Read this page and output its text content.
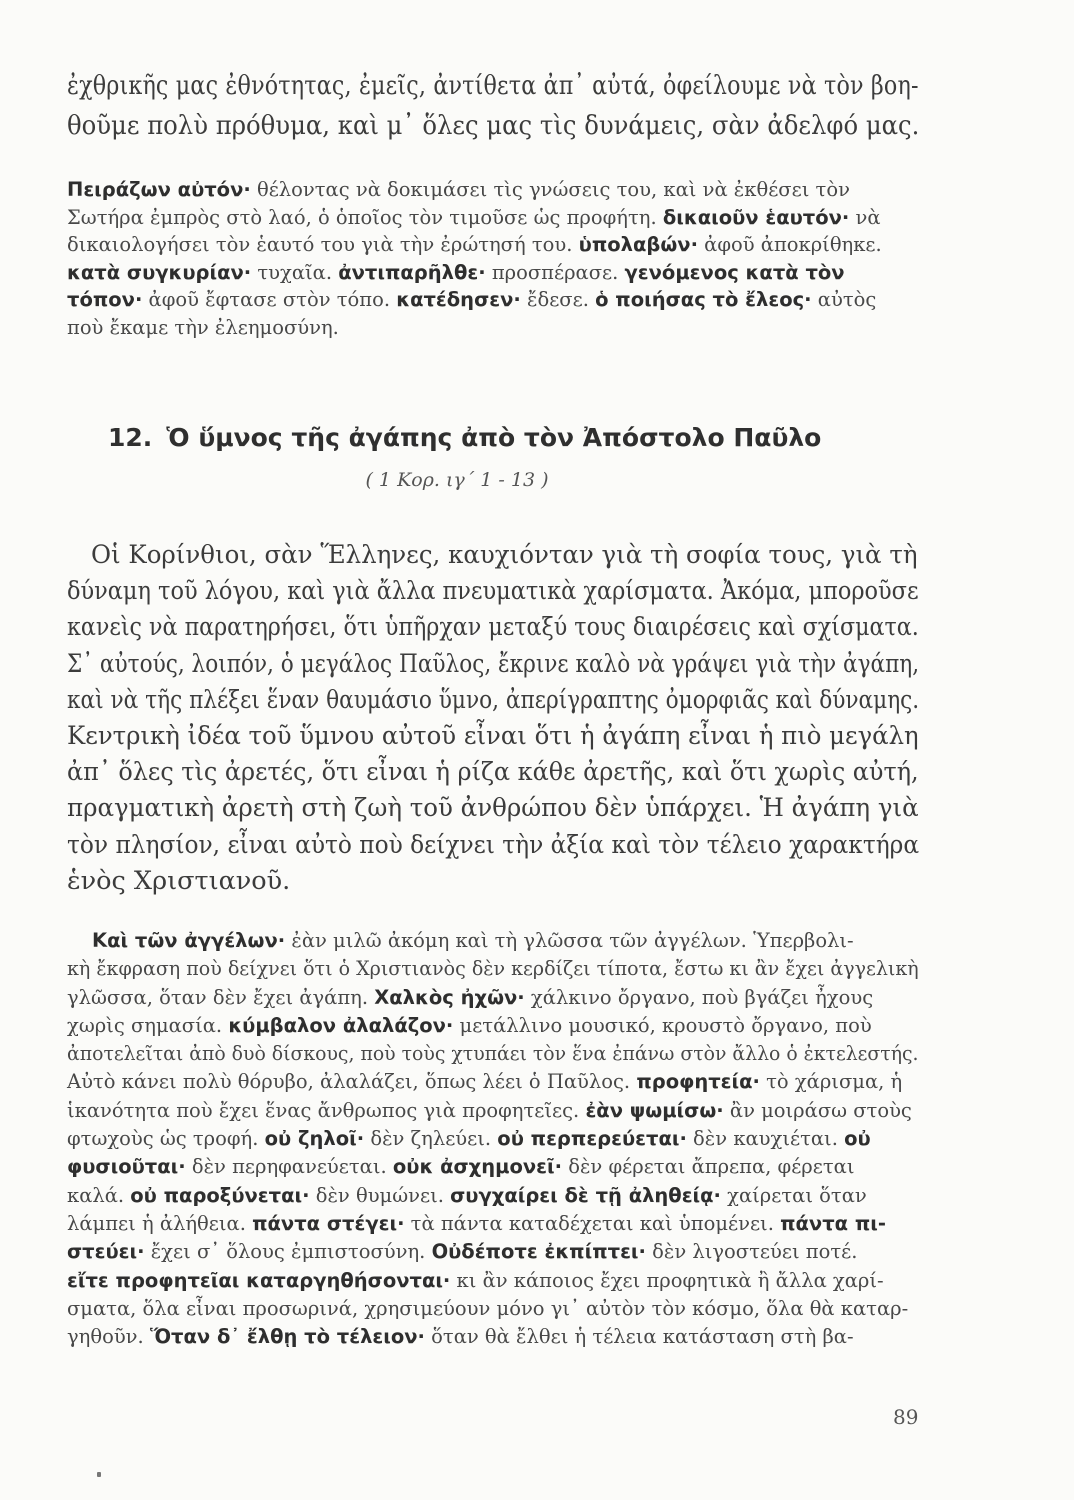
ἐχθρικῆς μας ἐθνότητας, ἐμεῖς, ἀντίθετα ἀπ᾿ αὐτά, ὀφείλουμε νὰ τὸν βοη-
θοῦμε πολὺ πρόθυμα, καὶ μ᾿ ὅλες μας τὶς δυνάμεις, σὰν ἀδελφό μας.
Πειράζων αὐτόν· θέλοντας νὰ δοκιμάσει τὶς γνώσεις του, καὶ νὰ ἐκθέσει τὸν
Σωτήρα ἐμπρὸς στὸ λαό, ὁ ὁποῖος τὸν τιμοῦσε ὡς προφήτη. δικαιοῦν ἑαυτόν· νὰ
δικαιολογήσει τὸν ἑαυτό του γιὰ τὴν ἐρώτησή του. ὑπολαβών· ἀφοῦ ἀποκρίθηκε.
κατὰ συγκυρίαν· τυχαῖα. ἀντιπαρῆλθε· προσπέρασε. γενόμενος κατὰ τὸν
τόπον· ἀφοῦ ἔφτασε στὸν τόπο. κατέδησεν· ἔδεσε. ὁ ποιήσας τὸ ἔλεος· αὐτὸς
ποὺ ἔκαμε τὴν ἐλεημοσύνη.
12. Ὁ ὕμνος τῆς ἀγάπης ἀπὸ τὸν Ἀπόστολο Παῦλο
( 1 Κορ. ιγ΄ 1 - 13 )
Οἱ Κορίνθιοι, σὰν Ἕλληνες, καυχιόνταν γιὰ τὴ σοφία τους, γιὰ τὴ
δύναμη τοῦ λόγου, καὶ γιὰ ἄλλα πνευματικὰ χαρίσματα. Ἀκόμα, μποροῦσε
κανεὶς νὰ παρατηρήσει, ὅτι ὑπῆρχαν μεταξύ τους διαιρέσεις καὶ σχίσματα.
Σ᾿ αὐτούς, λοιπόν, ὁ μεγάλος Παῦλος, ἔκρινε καλὸ νὰ γράψει γιὰ τὴν ἀγάπη,
καὶ νὰ τῆς πλέξει ἕναν θαυμάσιο ὕμνο, ἀπερίγραπτης ὀμορφιᾶς καὶ δύναμης.
Κεντρικὴ ἰδέα τοῦ ὕμνου αὐτοῦ εἶναι ὅτι ἡ ἀγάπη εἶναι ἡ πιὸ μεγάλη
ἀπ᾿ ὅλες τὶς ἀρετές, ὅτι εἶναι ἡ ρίζα κάθε ἀρετῆς, καὶ ὅτι χωρὶς αὐτή,
πραγματικὴ ἀρετὴ στὴ ζωὴ τοῦ ἀνθρώπου δὲν ὑπάρχει. Ἡ ἀγάπη γιὰ
τὸν πλησίον, εἶναι αὐτὸ ποὺ δείχνει τὴν ἀξία καὶ τὸν τέλειο χαρακτήρα
ἑνὸς Χριστιανοῦ.
Καὶ τῶν ἀγγέλων· ἐὰν μιλῶ ἀκόμη καὶ τὴ γλῶσσα τῶν ἀγγέλων. Ὑπερβολι-
κὴ ἔκφραση ποὺ δείχνει ὅτι ὁ Χριστιανὸς δὲν κερδίζει τίποτα, ἔστω κι ἂν ἔχει ἀγγελικὴ
γλῶσσα, ὅταν δὲν ἔχει ἀγάπη. Χαλκὸς ἠχῶν· χάλκινο ὄργανο, ποὺ βγάζει ἦχους
χωρὶς σημασία. κύμβαλον ἀλαλάζον· μετάλλινο μουσικό, κρουστὸ ὄργανο, ποὺ
ἀποτελεῖται ἀπὸ δυὸ δίσκους, ποὺ τοὺς χτυπάει τὸν ἕνα ἐπάνω στὸν ἄλλο ὁ ἐκτελεστής.
Αὐτὸ κάνει πολὺ θόρυβο, ἀλαλάζει, ὅπως λέει ὁ Παῦλος. προφητεία· τὸ χάρισμα, ἡ
ἱκανότητα ποὺ ἔχει ἕνας ἄνθρωπος γιὰ προφητεῖες. ἐὰν ψωμίσω· ἂν μοιράσω στοὺς
φτωχοὺς ὡς τροφή. οὐ ζηλοῖ· δὲν ζηλεύει. οὐ περπερεύεται· δὲν καυχιέται. οὐ
φυσιοῦται· δὲν περηφανεύεται. οὐκ ἀσχημονεῖ· δὲν φέρεται ἄπρεπα, φέρεται
καλά. οὐ παροξύνεται· δὲν θυμώνει. συγχαίρει δὲ τῇ ἀληθείᾳ· χαίρεται ὅταν
λάμπει ἡ ἀλήθεια. πάντα στέγει· τὰ πάντα καταδέχεται καὶ ὑπομένει. πάντα πι-
στεύει· ἔχει σ᾿ ὅλους ἐμπιστοσύνη. Οὐδέποτε ἐκπίπτει· δὲν λιγοστεύει ποτέ.
εἴτε προφητεῖαι καταργηθήσονται· κι ἂν κάποιος ἔχει προφητικὰ ἢ ἄλλα χαρί-
σματα, ὅλα εἶναι προσωρινά, χρησιμεύουν μόνο γι᾿ αὐτὸν τὸν κόσμο, ὅλα θὰ καταρ-
γηθοῦν. Ὅταν δ᾿ ἔλθῃ τὸ τέλειον· ὅταν θὰ ἔλθει ἡ τέλεια κατάσταση στὴ βα-
89
